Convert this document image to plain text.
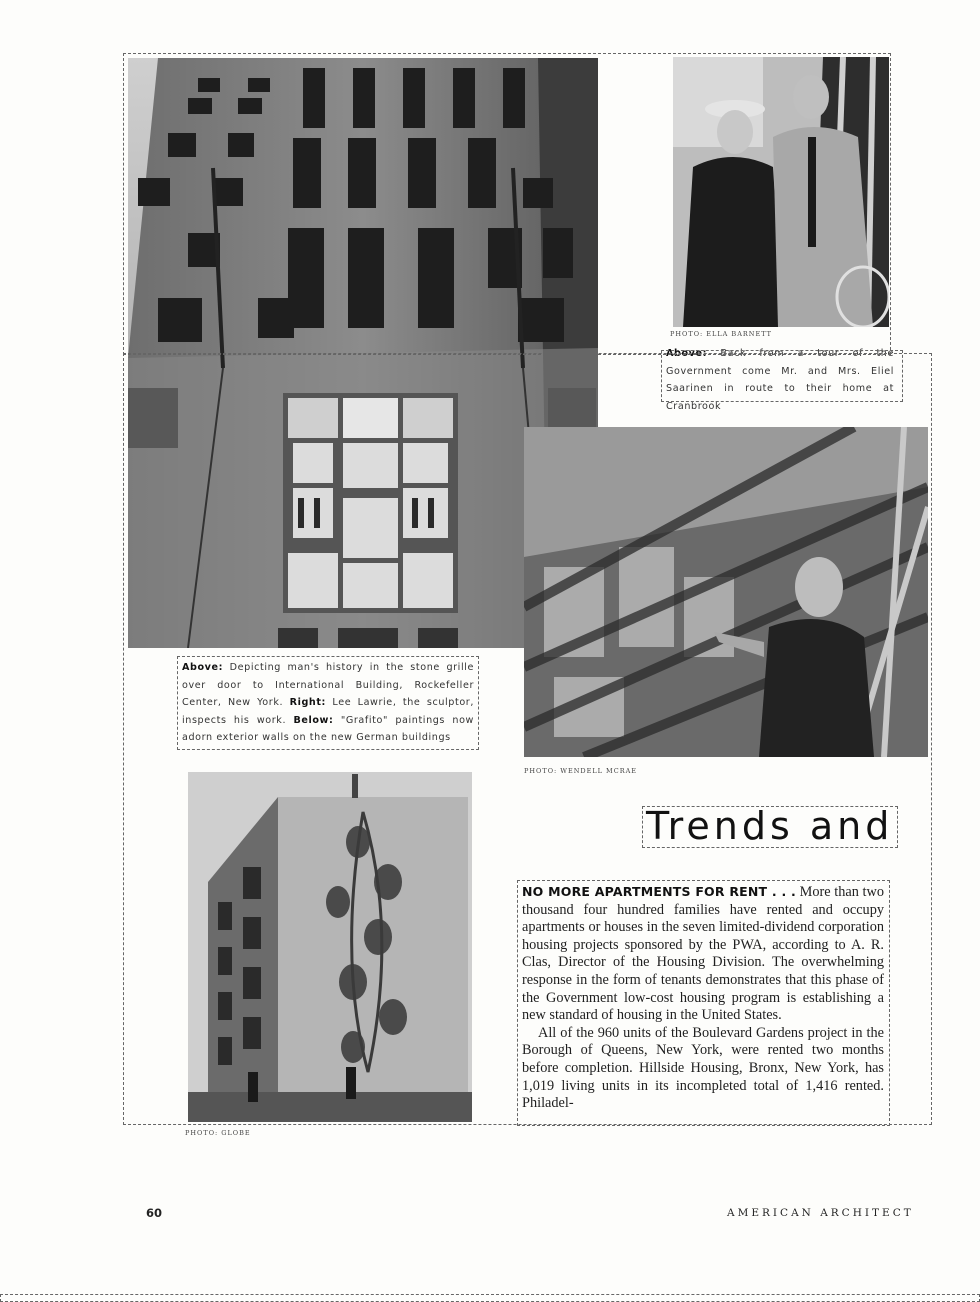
PHOTO: ELLA BARNETT
Above: Back from a tour of the Government come Mr. and Mrs. Eliel Saarinen in route to their home at Cranbrook
PHOTO: WENDELL MCRAE
Above: Depicting man's history in the stone grille over door to International Building, Rockefeller Center, New York. Right: Lee Lawrie, the sculptor, inspects his work. Below: "Grafito" paintings now adorn exterior walls on the new German buildings
PHOTO: GLOBE
Trends and
NO MORE APARTMENTS FOR RENT . . . More than two thousand four hundred families have rented and occupy apartments or houses in the seven limited-dividend corporation housing projects sponsored by the PWA, according to A. R. Clas, Director of the Housing Division. The overwhelming response in the form of tenants demonstrates that this phase of the Government low-cost housing program is establishing a new standard of housing in the United States.
All of the 960 units of the Boulevard Gardens project in the Borough of Queens, New York, were rented two months before completion. Hillside Housing, Bronx, New York, has 1,019 living units in its incompleted total of 1,416 rented. Philadel-
60	AMERICAN ARCHITECT
